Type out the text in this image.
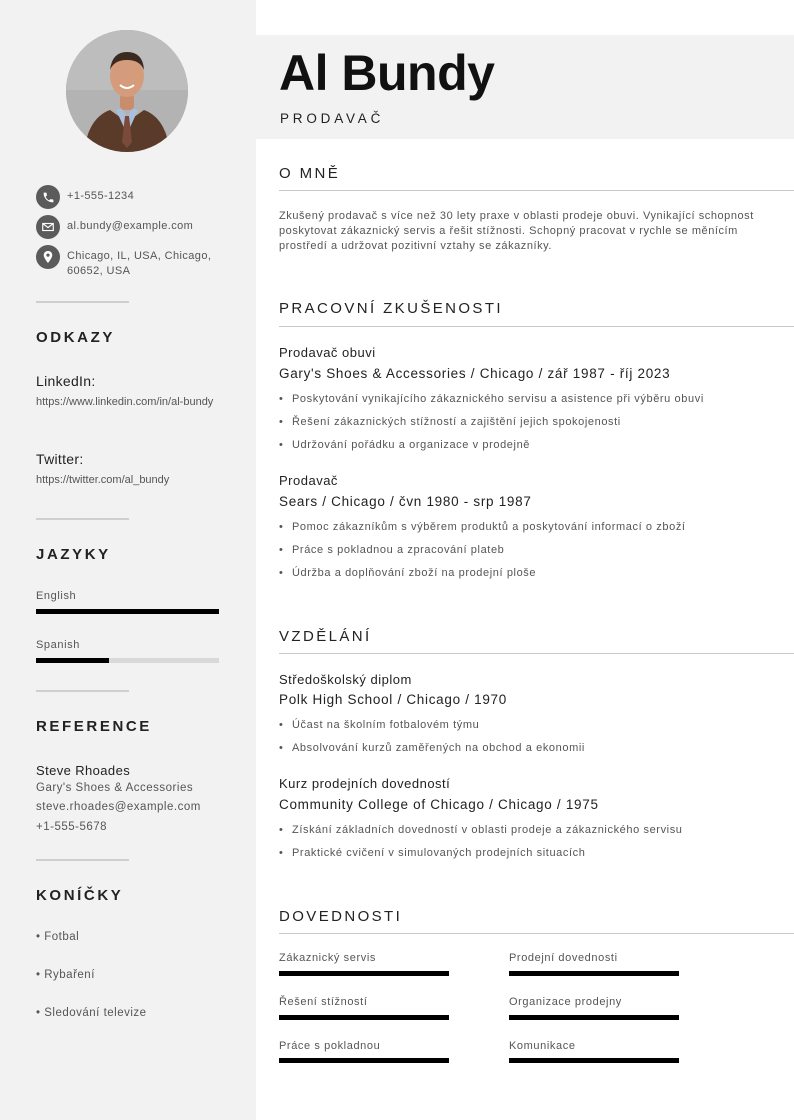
+1-555-1234
al.bundy@example.com
Chicago, IL, USA, Chicago, 60652, USA
ODKAZY
LinkedIn:
https://www.linkedin.com/in/al-bundy
Twitter:
https://twitter.com/al_bundy
JAZYKY
English
Spanish
REFERENCE
Steve Rhoades
Gary's Shoes & Accessories
steve.rhoades@example.com
+1-555-5678
KONÍČKY
• Fotbal
• Rybaření
• Sledování televize
Al Bundy
PRODAVAČ
O MNĚ
Zkušený prodavač s více než 30 lety praxe v oblasti prodeje obuvi. Vynikající schopnost poskytovat zákaznický servis a řešit stížnosti. Schopný pracovat v rychle se měnícím prostředí a udržovat pozitivní vztahy se zákazníky.
PRACOVNÍ ZKUŠENOSTI
Prodavač obuvi
Gary's Shoes & Accessories / Chicago / zář 1987 - říj 2023
• Poskytování vynikajícího zákaznického servisu a asistence při výběru obuvi
• Řešení zákaznických stížností a zajištění jejich spokojenosti
• Udržování pořádku a organizace v prodejně
Prodavač
Sears / Chicago / čvn 1980 - srp 1987
• Pomoc zákazníkům s výběrem produktů a poskytování informací o zboží
• Práce s pokladnou a zpracování plateb
• Údržba a doplňování zboží na prodejní ploše
VZDĚLÁNÍ
Středoškolský diplom
Polk High School / Chicago / 1970
• Účast na školním fotbalovém týmu
• Absolvování kurzů zaměřených na obchod a ekonomii
Kurz prodejních dovedností
Community College of Chicago / Chicago / 1975
• Získání základních dovedností v oblasti prodeje a zákaznického servisu
• Praktické cvičení v simulovaných prodejních situacích
DOVEDNOSTI
Zákaznický servis	Prodejní dovednosti
Řešení stížností	Organizace prodejny
Práce s pokladnou	Komunikace
